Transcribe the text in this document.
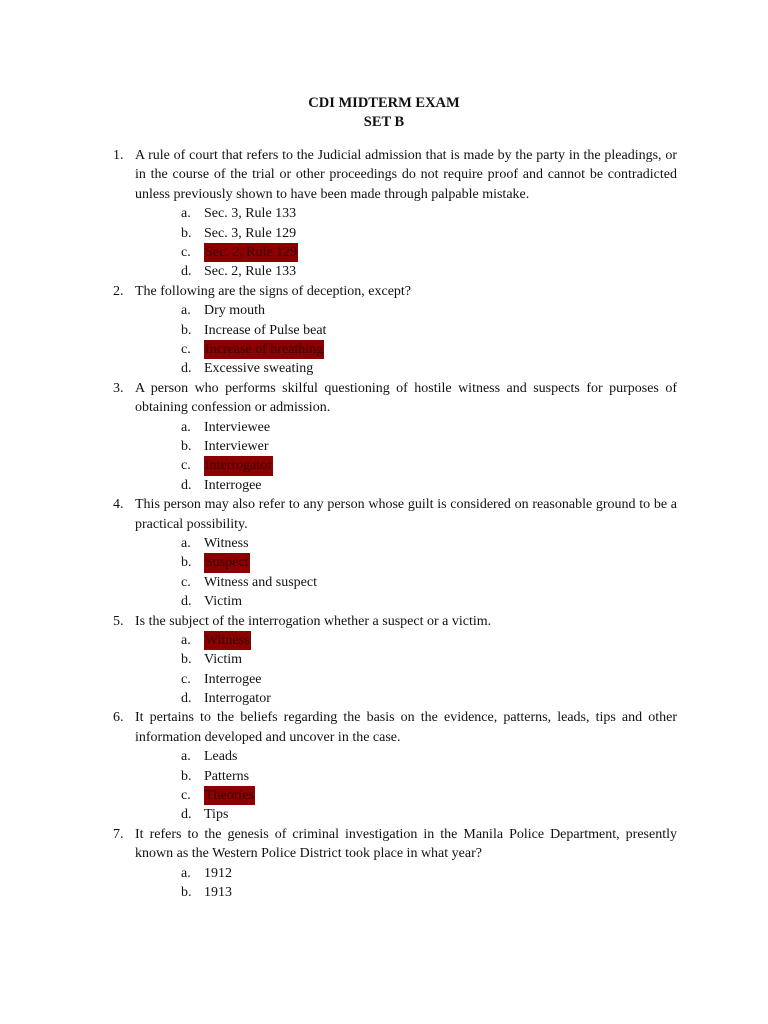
CDI MIDTERM EXAM
SET B
1. A rule of court that refers to the Judicial admission that is made by the party in the pleadings, or in the course of the trial or other proceedings do not require proof and cannot be contradicted unless previously shown to have been made through palpable mistake.
a. Sec. 3, Rule 133
b. Sec. 3, Rule 129
c. Sec. 2, Rule 129
d. Sec. 2, Rule 133
2. The following are the signs of deception, except?
a. Dry mouth
b. Increase of Pulse beat
c. Increase of breathing
d. Excessive sweating
3. A person who performs skilful questioning of hostile witness and suspects for purposes of obtaining confession or admission.
a. Interviewee
b. Interviewer
c. Interrogator
d. Interrogee
4. This person may also refer to any person whose guilt is considered on reasonable ground to be a practical possibility.
a. Witness
b. Suspect
c. Witness and suspect
d. Victim
5. Is the subject of the interrogation whether a suspect or a victim.
a. Witness
b. Victim
c. Interrogee
d. Interrogator
6. It pertains to the beliefs regarding the basis on the evidence, patterns, leads, tips and other information developed and uncover in the case.
a. Leads
b. Patterns
c. Theories
d. Tips
7. It refers to the genesis of criminal investigation in the Manila Police Department, presently known as the Western Police District took place in what year?
a. 1912
b. 1913
